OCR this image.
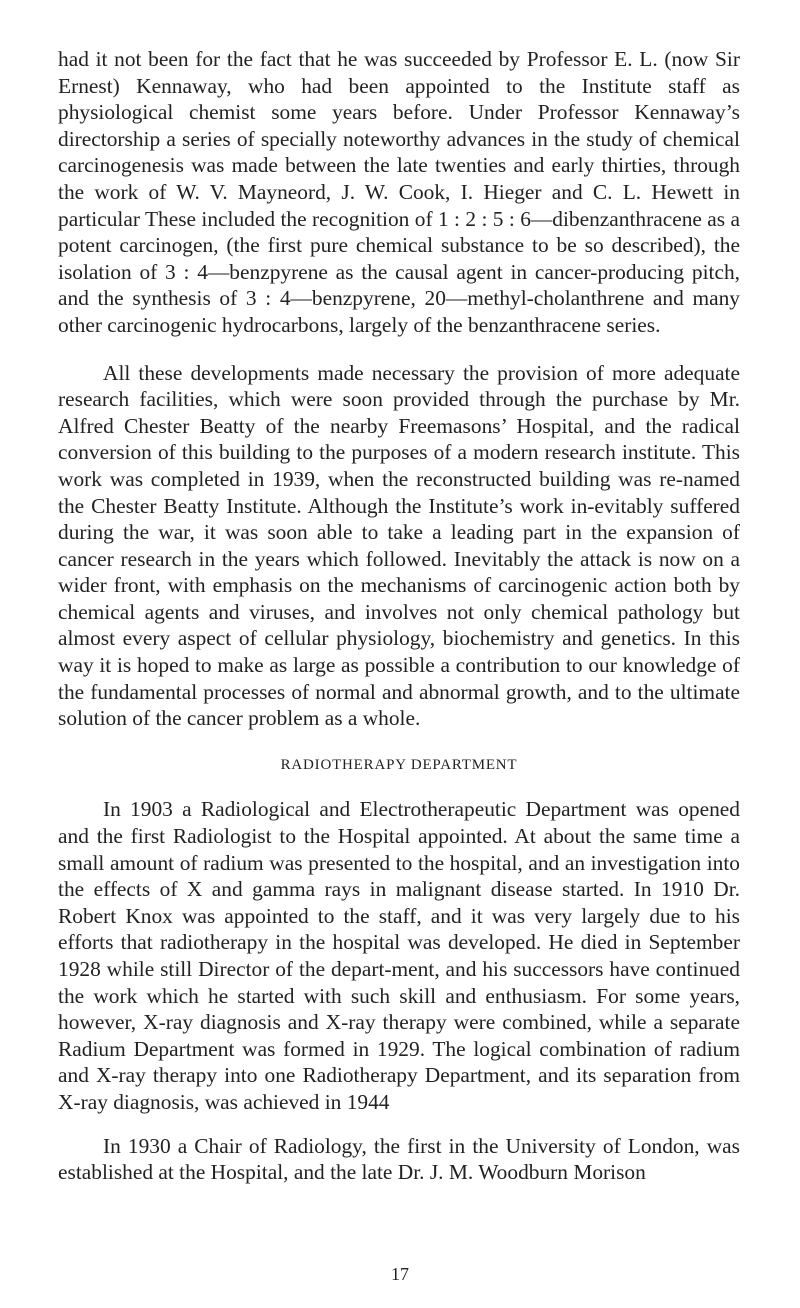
had it not been for the fact that he was succeeded by Professor E. L. (now Sir Ernest) Kennaway, who had been appointed to the Institute staff as physiological chemist some years before. Under Professor Kennaway’s directorship a series of specially noteworthy advances in the study of chemical carcinogenesis was made between the late twenties and early thirties, through the work of W. V. Mayneord, J. W. Cook, I. Hieger and C. L. Hewett in particular These included the recognition of 1 : 2 : 5 : 6—dibenzanthracene as a potent carcinogen, (the first pure chemical substance to be so described), the isolation of 3 : 4—benzpyrene as the causal agent in cancer-producing pitch, and the synthesis of 3 : 4—benzpyrene, 20—methyl-cholanthrene and many other carcinogenic hydrocarbons, largely of the benzanthracene series.

All these developments made necessary the provision of more adequate research facilities, which were soon provided through the purchase by Mr. Alfred Chester Beatty of the nearby Freemasons’ Hospital, and the radical conversion of this building to the purposes of a modern research institute. This work was completed in 1939, when the reconstructed building was re-named the Chester Beatty Institute. Although the Institute’s work in-evitably suffered during the war, it was soon able to take a leading part in the expansion of cancer research in the years which followed. Inevitably the attack is now on a wider front, with emphasis on the mechanisms of carcinogenic action both by chemical agents and viruses, and involves not only chemical pathology but almost every aspect of cellular physiology, biochemistry and genetics. In this way it is hoped to make as large as possible a contribution to our knowledge of the fundamental processes of normal and abnormal growth, and to the ultimate solution of the cancer problem as a whole.

RADIOTHERAPY DEPARTMENT

In 1903 a Radiological and Electrotherapeutic Department was opened and the first Radiologist to the Hospital appointed. At about the same time a small amount of radium was presented to the hospital, and an investigation into the effects of X and gamma rays in malignant disease started. In 1910 Dr. Robert Knox was appointed to the staff, and it was very largely due to his efforts that radiotherapy in the hospital was developed. He died in September 1928 while still Director of the depart-ment, and his successors have continued the work which he started with such skill and enthusiasm. For some years, however, X-ray diagnosis and X-ray therapy were combined, while a separate Radium Department was formed in 1929. The logical combination of radium and X-ray therapy into one Radiotherapy Department, and its separation from X-ray diagnosis, was achieved in 1944

In 1930 a Chair of Radiology, the first in the University of London, was established at the Hospital, and the late Dr. J. M. Woodburn Morison

17
